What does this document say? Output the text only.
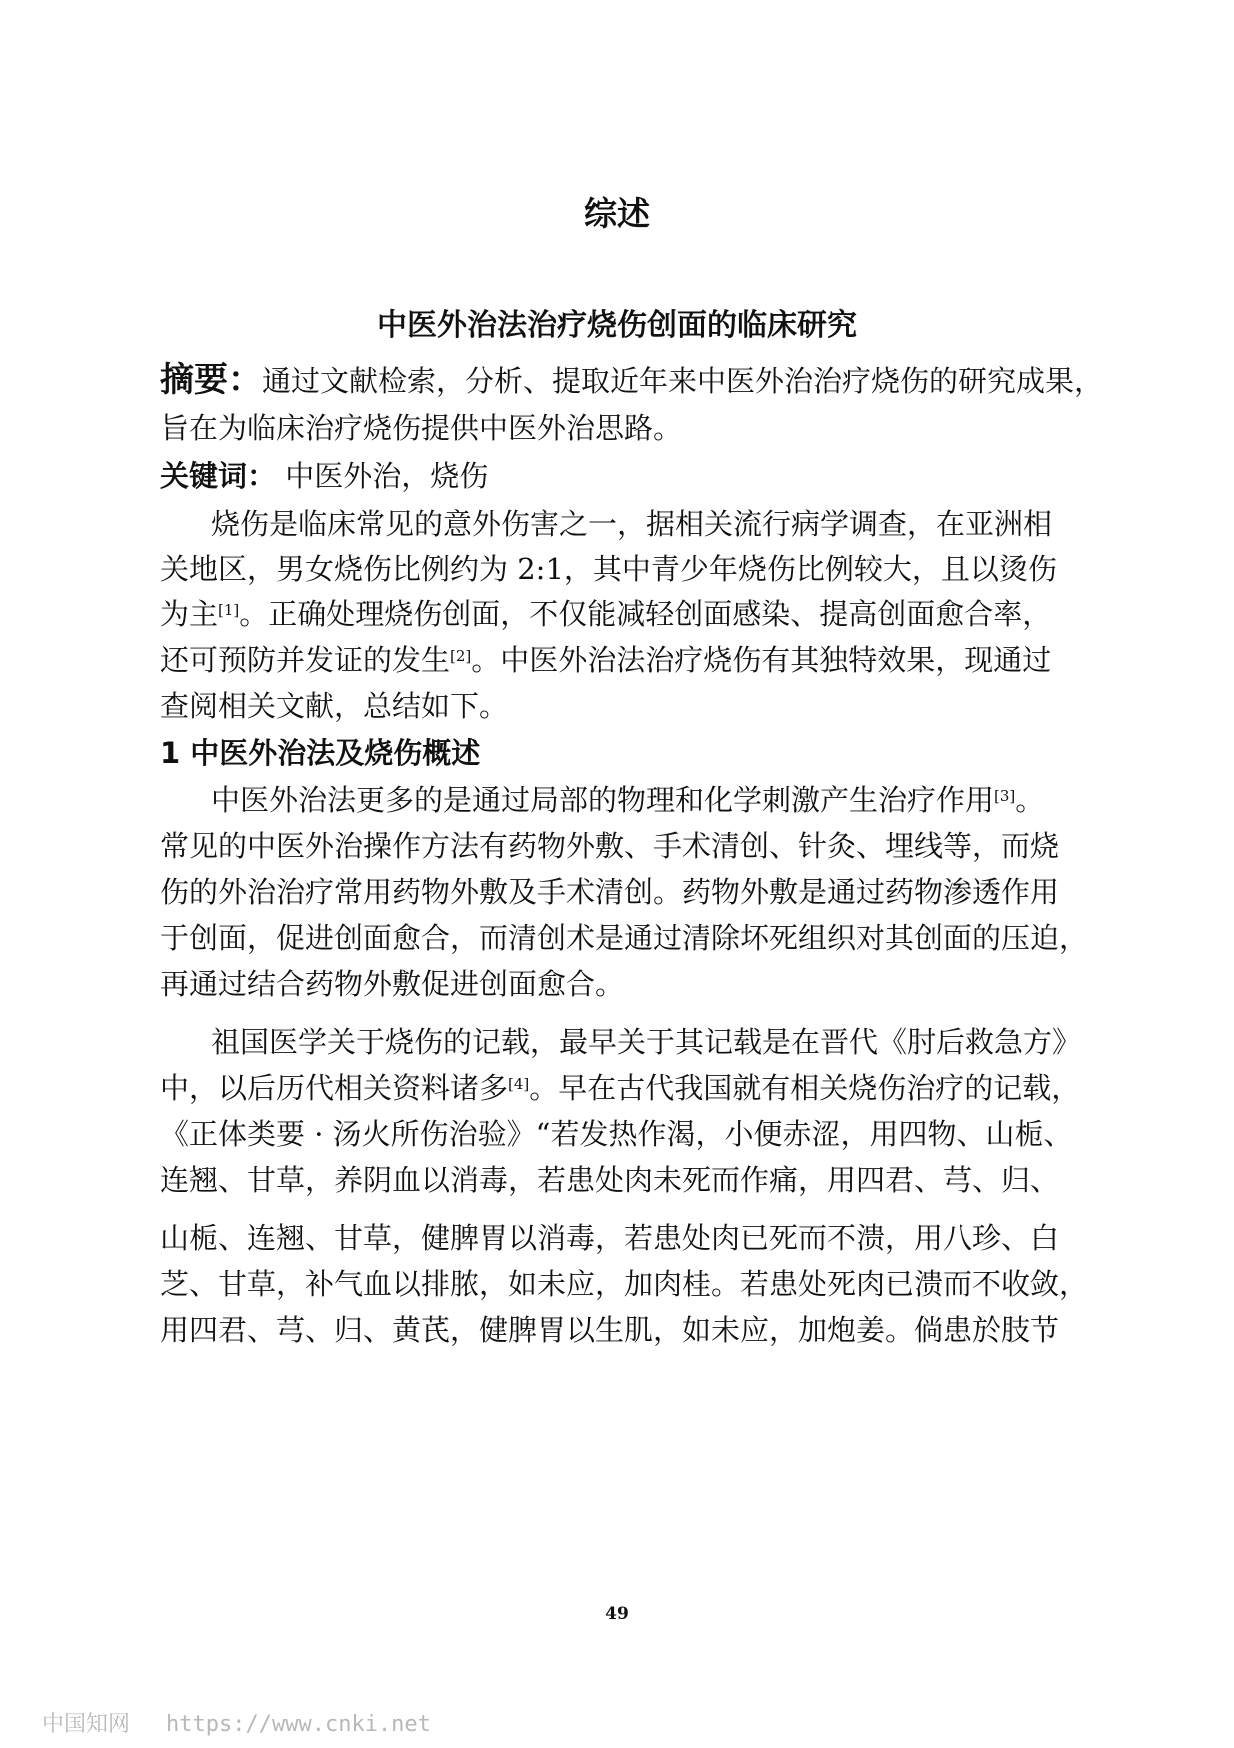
综述
中医外治法治疗烧伤创面的临床研究
摘要：通过文献检索，分析、提取近年来中医外治治疗烧伤的研究成果，
旨在为临床治疗烧伤提供中医外治思路。
关键词： 中医外治，烧伤
烧伤是临床常见的意外伤害之一，据相关流行病学调查，在亚洲相
关地区，男女烧伤比例约为 2:1，其中青少年烧伤比例较大，且以烫伤
为主[1]。正确处理烧伤创面，不仅能减轻创面感染、提高创面愈合率，
还可预防并发证的发生[2]。中医外治法治疗烧伤有其独特效果，现通过
查阅相关文献，总结如下。
1 中医外治法及烧伤概述
中医外治法更多的是通过局部的物理和化学刺激产生治疗作用[3]。
常见的中医外治操作方法有药物外敷、手术清创、针灸、埋线等，而烧
伤的外治治疗常用药物外敷及手术清创。药物外敷是通过药物渗透作用
于创面，促进创面愈合，而清创术是通过清除坏死组织对其创面的压迫，
再通过结合药物外敷促进创面愈合。
祖国医学关于烧伤的记载，最早关于其记载是在晋代《肘后救急方》
中，以后历代相关资料诸多[4]。早在古代我国就有相关烧伤治疗的记载，
《正体类要 · 汤火所伤治验》“若发热作渴，小便赤涩，用四物、山栀、
连翘、甘草，养阴血以消毒，若患处肉未死而作痛，用四君、芎、归、
山栀、连翘、甘草，健脾胃以消毒，若患处肉已死而不溃，用八珍、白
芝、甘草，补气血以排脓，如未应，加肉桂。若患处死肉已溃而不收敛，
用四君、芎、归、黄芪，健脾胃以生肌，如未应，加炮姜。倘患於肢节
49
中国知网 https://www.cnki.net
